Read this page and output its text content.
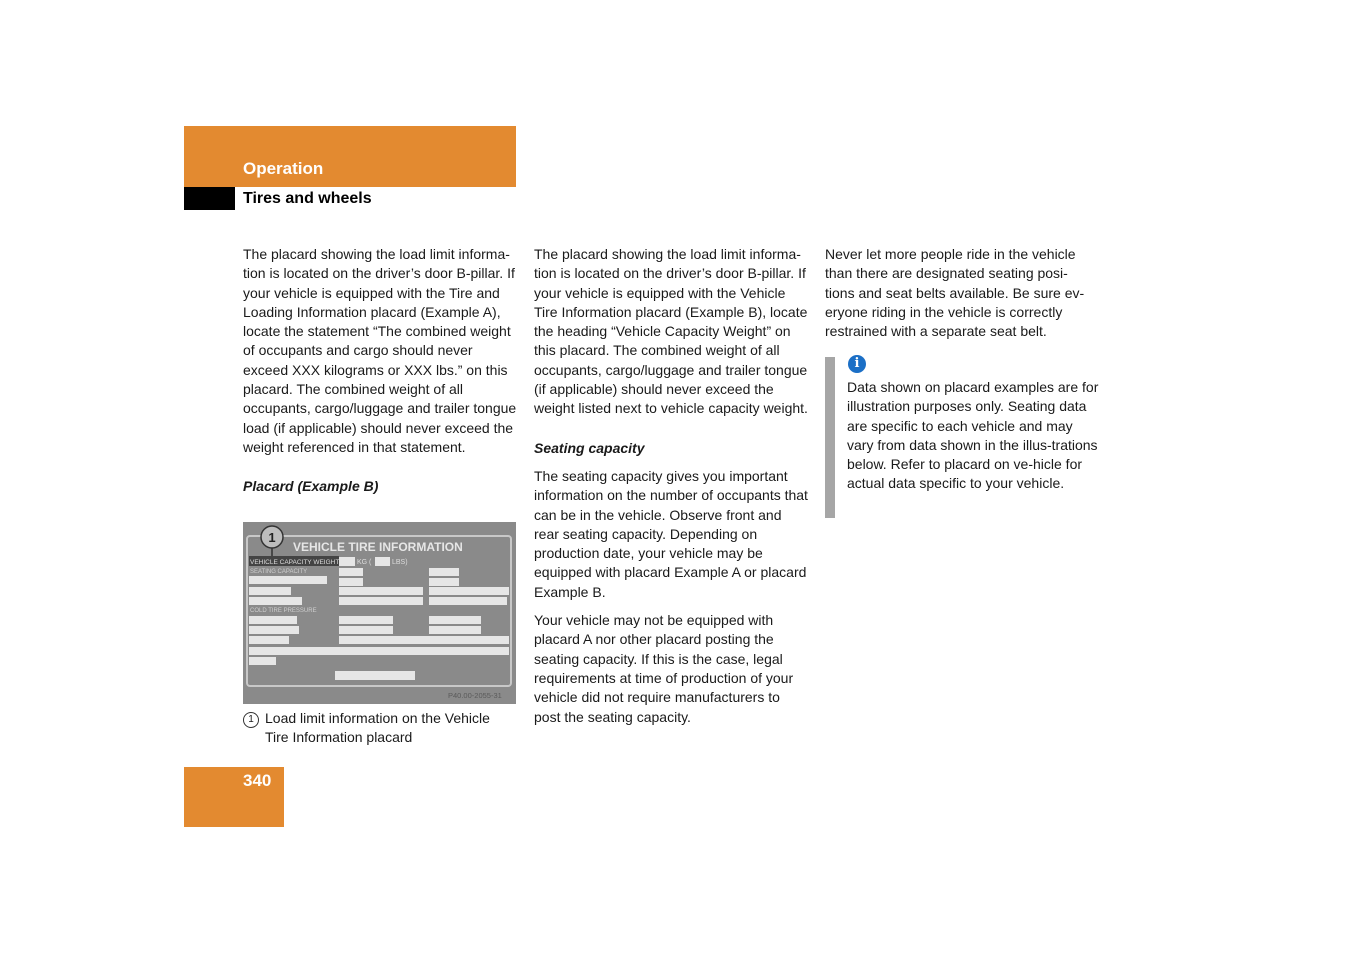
Operation
Tires and wheels

The placard showing the load limit informa-tion is located on the driver’s door B-pillar. If your vehicle is equipped with the Tire and Loading Information placard (Example A), locate the statement “The combined weight of occupants and cargo should never exceed XXX kilograms or XXX lbs.” on this placard. The combined weight of all occupants, cargo/luggage and trailer tongue load (if applicable) should never exceed the weight referenced in that statement.

Placard (Example B)

VEHICLE TIRE INFORMATION
1
VEHICLE CAPACITY WEIGHT	KG (	LBS)
SEATING CAPACITY
COLD TIRE PRESSURE
P40.00-2055-31
1 Load limit information on the Vehicle Tire Information placard

The placard showing the load limit informa-tion is located on the driver’s door B-pillar. If your vehicle is equipped with the Vehicle Tire Information placard (Example B), locate the heading “Vehicle Capacity Weight” on this placard. The combined weight of all occupants, cargo/luggage and trailer tongue (if applicable) should never exceed the weight listed next to vehicle capacity weight.

Seating capacity

The seating capacity gives you important information on the number of occupants that can be in the vehicle. Observe front and rear seating capacity. Depending on production date, your vehicle may be equipped with placard Example A or placard Example B.

Your vehicle may not be equipped with placard A nor other placard posting the seating capacity. If this is the case, legal requirements at time of production of your vehicle did not require manufacturers to post the seating capacity.

Never let more people ride in the vehicle than there are designated seating posi-tions and seat belts available. Be sure ev-eryone riding in the vehicle is correctly restrained with a separate seat belt.

i
Data shown on placard examples are for illustration purposes only. Seating data are specific to each vehicle and may vary from data shown in the illus-trations below. Refer to placard on ve-hicle for actual data specific to your vehicle.
340
